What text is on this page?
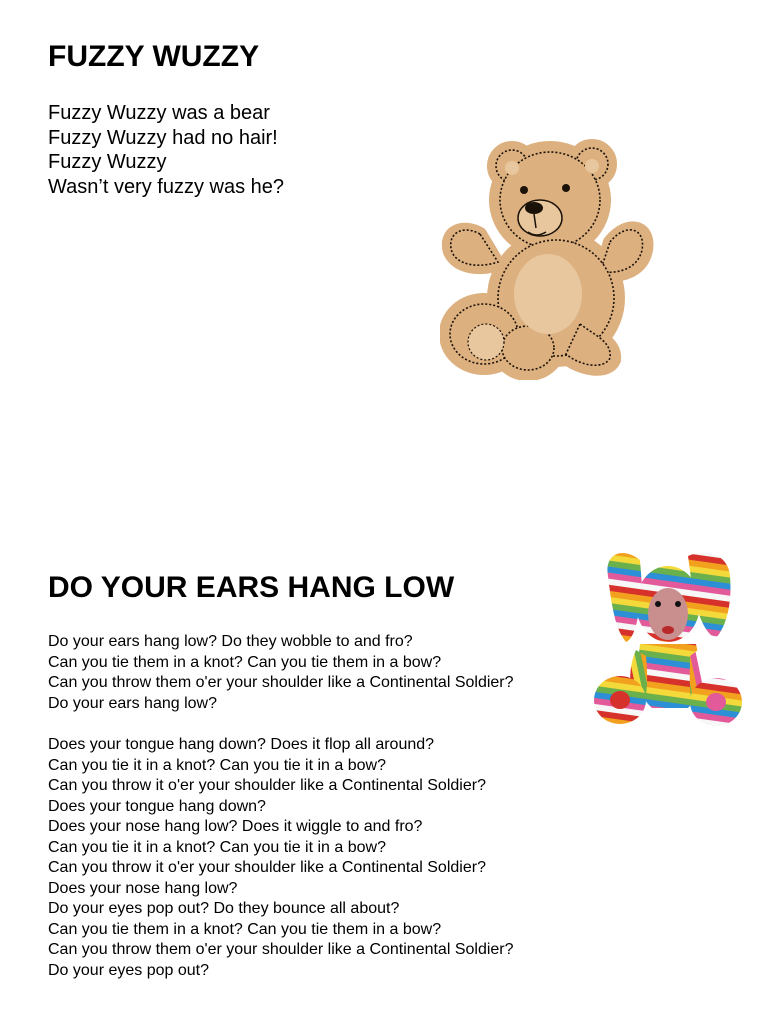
FUZZY WUZZY
Fuzzy Wuzzy was a bear
Fuzzy Wuzzy had no hair!
Fuzzy Wuzzy
Wasn’t very fuzzy was he?
DO YOUR EARS HANG LOW
Do your ears hang low? Do they wobble to and fro?
Can you tie them in a knot? Can you tie them in a bow?
Can you throw them o'er your shoulder like a Continental Soldier?
Do your ears hang low?
Does your tongue hang down? Does it flop all around?
Can you tie it in a knot? Can you tie it in a bow?
Can you throw it o'er your shoulder like a Continental Soldier?
Does your tongue hang down?
Does your nose hang low? Does it wiggle to and fro?
Can you tie it in a knot? Can you tie it in a bow?
Can you throw it o'er your shoulder like a Continental Soldier?
Does your nose hang low?
Do your eyes pop out? Do they bounce all about?
Can you tie them in a knot? Can you tie them in a bow?
Can you throw them o'er your shoulder like a Continental Soldier?
Do your eyes pop out?
